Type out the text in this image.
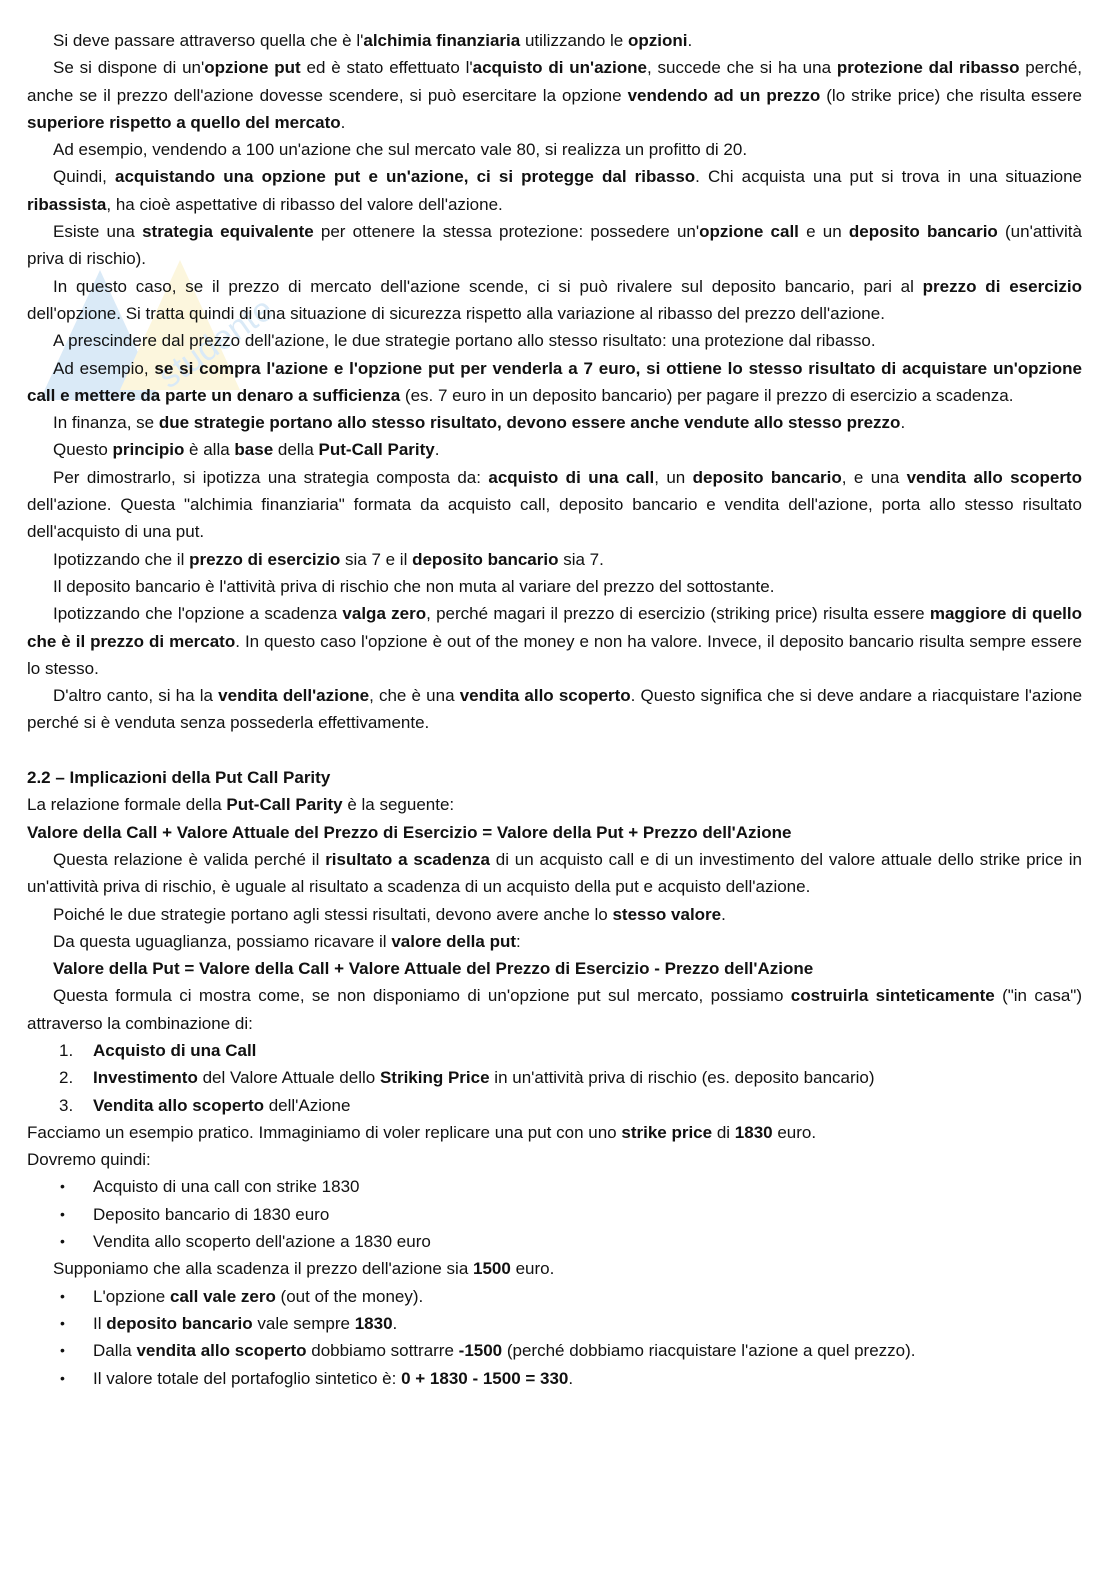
studente

Si deve passare attraverso quella che è l'alchimia finanziaria utilizzando le opzioni.

Se si dispone di un'opzione put ed è stato effettuato l'acquisto di un'azione, succede che si ha una protezione dal ribasso perché, anche se il prezzo dell'azione dovesse scendere, si può esercitare la opzione vendendo ad un prezzo (lo strike price) che risulta essere superiore rispetto a quello del mercato.

Ad esempio, vendendo a 100 un'azione che sul mercato vale 80, si realizza un profitto di 20.

Quindi, acquistando una opzione put e un'azione, ci si protegge dal ribasso. Chi acquista una put si trova in una situazione ribassista, ha cioè aspettative di ribasso del valore dell'azione.

Esiste una strategia equivalente per ottenere la stessa protezione: possedere un'opzione call e un deposito bancario (un'attività priva di rischio).

In questo caso, se il prezzo di mercato dell'azione scende, ci si può rivalere sul deposito bancario, pari al prezzo di esercizio dell'opzione. Si tratta quindi di una situazione di sicurezza rispetto alla variazione al ribasso del prezzo dell'azione.

A prescindere dal prezzo dell'azione, le due strategie portano allo stesso risultato: una protezione dal ribasso.

Ad esempio, se si compra l'azione e l'opzione put per venderla a 7 euro, si ottiene lo stesso risultato di acquistare un'opzione call e mettere da parte un denaro a sufficienza (es. 7 euro in un deposito bancario) per pagare il prezzo di esercizio a scadenza.

In finanza, se due strategie portano allo stesso risultato, devono essere anche vendute allo stesso prezzo.

Questo principio è alla base della Put-Call Parity.

Per dimostrarlo, si ipotizza una strategia composta da: acquisto di una call, un deposito bancario, e una vendita allo scoperto dell'azione. Questa "alchimia finanziaria" formata da acquisto call, deposito bancario e vendita dell'azione, porta allo stesso risultato dell'acquisto di una put.

Ipotizzando che il prezzo di esercizio sia 7 e il deposito bancario sia 7.

Il deposito bancario è l'attività priva di rischio che non muta al variare del prezzo del sottostante.

Ipotizzando che l'opzione a scadenza valga zero, perché magari il prezzo di esercizio (striking price) risulta essere maggiore di quello che è il prezzo di mercato. In questo caso l'opzione è out of the money e non ha valore. Invece, il deposito bancario risulta sempre essere lo stesso.

D'altro canto, si ha la vendita dell'azione, che è una vendita allo scoperto. Questo significa che si deve andare a riacquistare l'azione perché si è venduta senza possederla effettivamente.

2.2 – Implicazioni della Put Call Parity

La relazione formale della Put-Call Parity è la seguente:

Valore della Call + Valore Attuale del Prezzo di Esercizio = Valore della Put + Prezzo dell'Azione

Questa relazione è valida perché il risultato a scadenza di un acquisto call e di un investimento del valore attuale dello strike price in un'attività priva di rischio, è uguale al risultato a scadenza di un acquisto della put e acquisto dell'azione.

Poiché le due strategie portano agli stessi risultati, devono avere anche lo stesso valore.

Da questa uguaglianza, possiamo ricavare il valore della put:

Valore della Put = Valore della Call + Valore Attuale del Prezzo di Esercizio - Prezzo dell'Azione

Questa formula ci mostra come, se non disponiamo di un'opzione put sul mercato, possiamo costruirla sinteticamente ("in casa") attraverso la combinazione di:

1. Acquisto di una Call

2. Investimento del Valore Attuale dello Striking Price in un'attività priva di rischio (es. deposito bancario)

3. Vendita allo scoperto dell'Azione

Facciamo un esempio pratico. Immaginiamo di voler replicare una put con uno strike price di 1830 euro.

Dovremo quindi:

• Acquisto di una call con strike 1830

• Deposito bancario di 1830 euro

• Vendita allo scoperto dell'azione a 1830 euro

Supponiamo che alla scadenza il prezzo dell'azione sia 1500 euro.

• L'opzione call vale zero (out of the money).

• Il deposito bancario vale sempre 1830.

• Dalla vendita allo scoperto dobbiamo sottrarre -1500 (perché dobbiamo riacquistare l'azione a quel prezzo).

• Il valore totale del portafoglio sintetico è: 0 + 1830 - 1500 = 330.
